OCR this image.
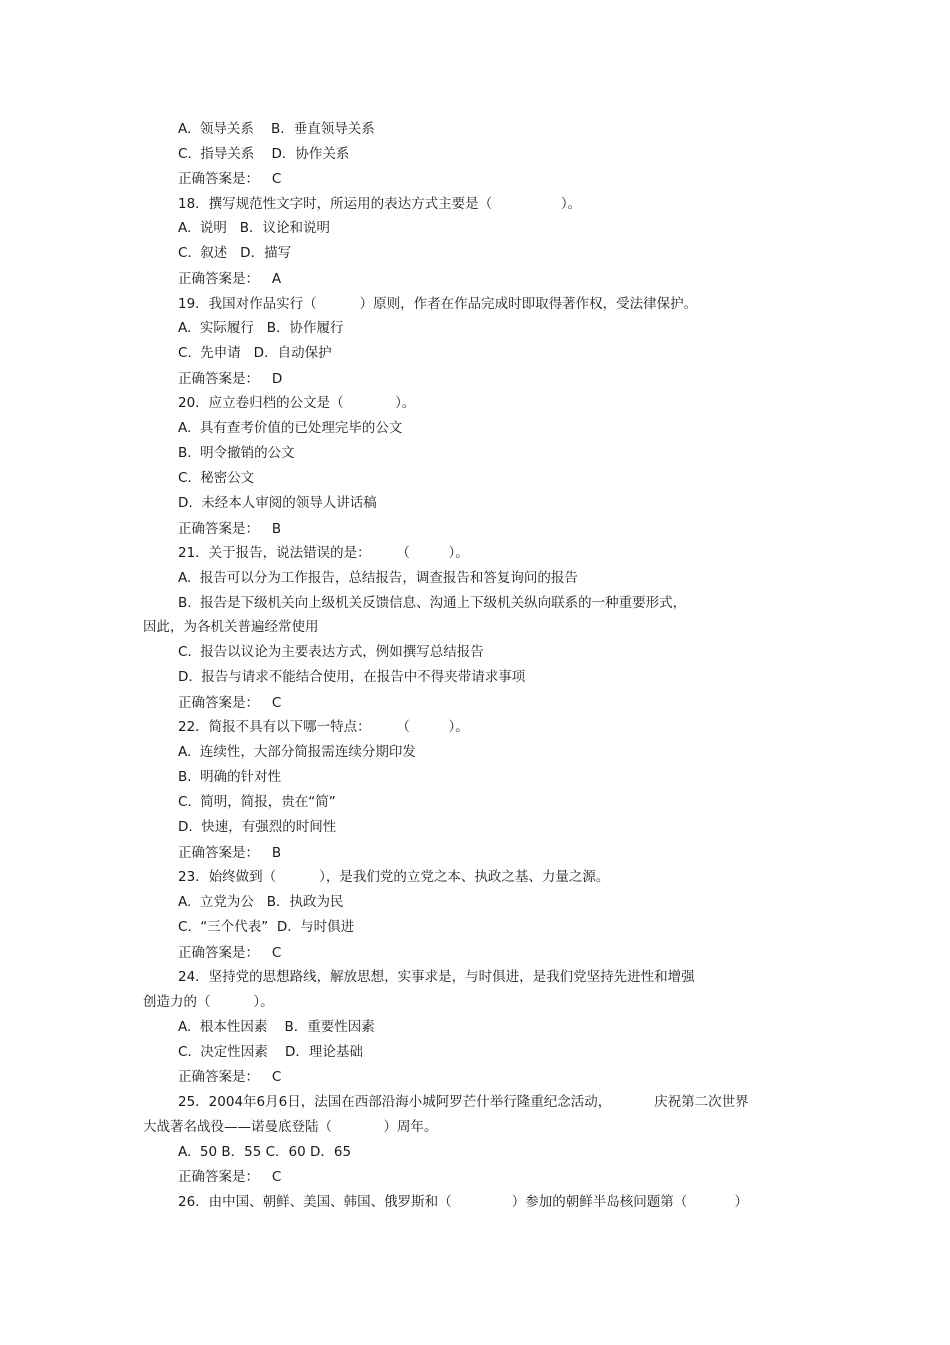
A.  领导关系    B．垂直领导关系
C.  指导关系    D．协作关系
正确答案是：   C
18．撰写规范性文字时，所运用的表达方式主要是（                ）。
A.  说明   B．议论和说明
C.  叙述   D．描写
正确答案是：   A
19．我国对作品实行（          ）原则，作者在作品完成时即取得著作权，受法律保护。
A.  实际履行   B．协作履行
C.  先申请   D．自动保护
正确答案是：   D
20．应立卷归档的公文是（            ）。
A.  具有查考价值的已处理完毕的公文
B.  明令撤销的公文
C.  秘密公文
D.  未经本人审阅的领导人讲话稿
正确答案是：   B
21．关于报告，说法错误的是：      （         ）。
A.  报告可以分为工作报告，总结报告，调查报告和答复询问的报告
B.  报告是下级机关向上级机关反馈信息、沟通上下级机关纵向联系的一种重要形式，
因此，为各机关普遍经常使用
C.  报告以议论为主要表达方式，例如撰写总结报告
D.  报告与请求不能结合使用，在报告中不得夹带请求事项
正确答案是：   C
22．简报不具有以下哪一特点：      （         ）。
A.  连续性，大部分简报需连续分期印发
B.  明确的针对性
C.  简明，简报，贵在“简”
D.  快速，有强烈的时间性
正确答案是：   B
23．始终做到（          ），是我们党的立党之本、执政之基、力量之源。
A.  立党为公   B．执政为民
C.  “三个代表”  D.  与时俱进
正确答案是：   C
24．坚持党的思想路线，解放思想，实事求是，与时俱进，是我们党坚持先进性和增强
创造力的（          ）。
A.  根本性因素    B．重要性因素
C.  决定性因素    D．理论基础
正确答案是：   C
25．2004年6月6日，法国在西部沿海小城阿罗芒什举行隆重纪念活动，          庆祝第二次世界
大战著名战役——诺曼底登陆（            ）周年。
A.  50 B．55 C．60 D．65
正确答案是：   C
26．由中国、朝鲜、美国、韩国、俄罗斯和（              ）参加的朝鲜半岛核问题第（           ）
